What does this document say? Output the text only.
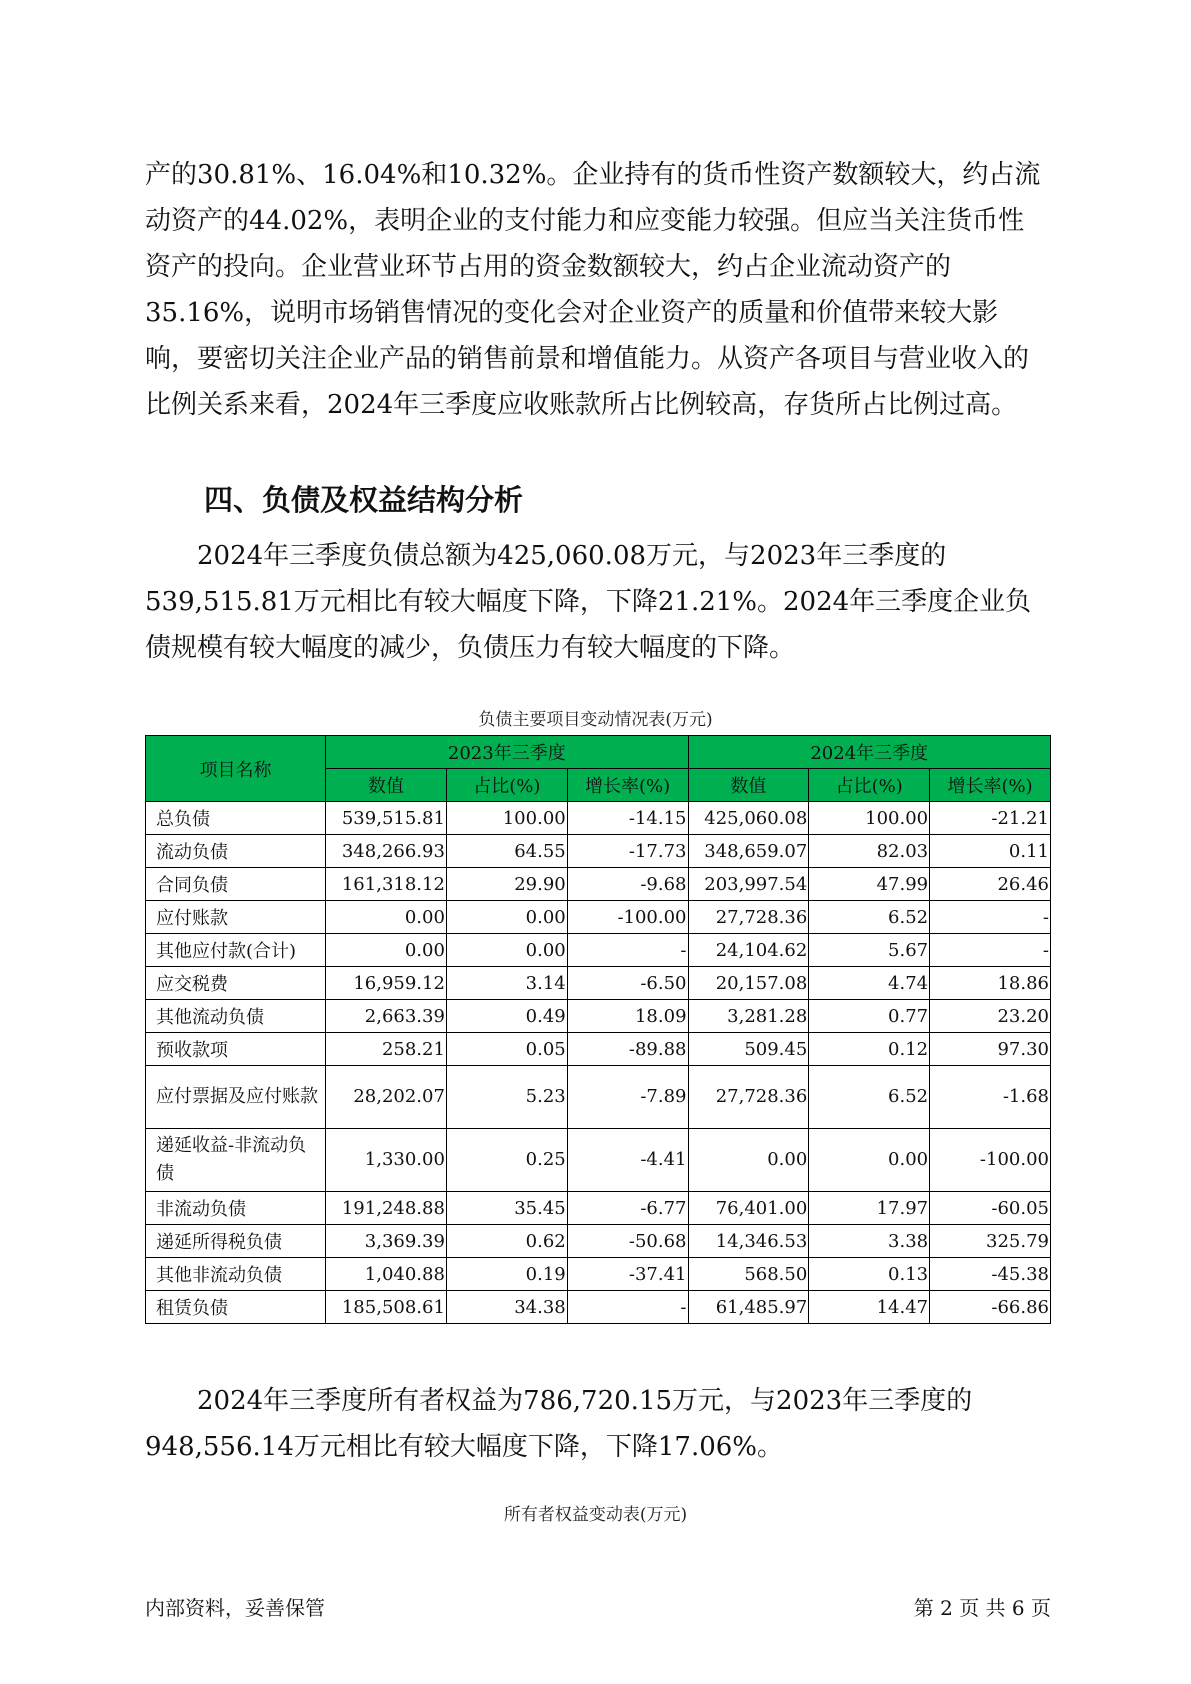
产的30.81%、16.04%和10.32%。企业持有的货币性资产数额较大，约占流动资产的44.02%，表明企业的支付能力和应变能力较强。但应当关注货币性资产的投向。企业营业环节占用的资金数额较大，约占企业流动资产的35.16%，说明市场销售情况的变化会对企业资产的质量和价值带来较大影响，要密切关注企业产品的销售前景和增值能力。从资产各项目与营业收入的比例关系来看，2024年三季度应收账款所占比例较高，存货所占比例过高。

四、负债及权益结构分析

2024年三季度负债总额为425,060.08万元，与2023年三季度的539,515.81万元相比有较大幅度下降，下降21.21%。2024年三季度企业负债规模有较大幅度的减少，负债压力有较大幅度的下降。

负债主要项目变动情况表(万元)
项目名称	2023年三季度			2024年三季度		
	数值	占比(%)	增长率(%)	数值	占比(%)	增长率(%)
总负债	539,515.81	100.00	-14.15	425,060.08	100.00	-21.21
流动负债	348,266.93	64.55	-17.73	348,659.07	82.03	0.11
合同负债	161,318.12	29.90	-9.68	203,997.54	47.99	26.46
应付账款	0.00	0.00	-100.00	27,728.36	6.52	-
其他应付款(合计)	0.00	0.00	-	24,104.62	5.67	-
应交税费	16,959.12	3.14	-6.50	20,157.08	4.74	18.86
其他流动负债	2,663.39	0.49	18.09	3,281.28	0.77	23.20
预收款项	258.21	0.05	-89.88	509.45	0.12	97.30
应付票据及应付账款	28,202.07	5.23	-7.89	27,728.36	6.52	-1.68
递延收益-非流动负债	1,330.00	0.25	-4.41	0.00	0.00	-100.00
非流动负债	191,248.88	35.45	-6.77	76,401.00	17.97	-60.05
递延所得税负债	3,369.39	0.62	-50.68	14,346.53	3.38	325.79
其他非流动负债	1,040.88	0.19	-37.41	568.50	0.13	-45.38
租赁负债	185,508.61	34.38	-	61,485.97	14.47	-66.86

2024年三季度所有者权益为786,720.15万元，与2023年三季度的948,556.14万元相比有较大幅度下降，下降17.06%。

所有者权益变动表(万元)
内部资料，妥善保管	第 2 页 共 6 页
